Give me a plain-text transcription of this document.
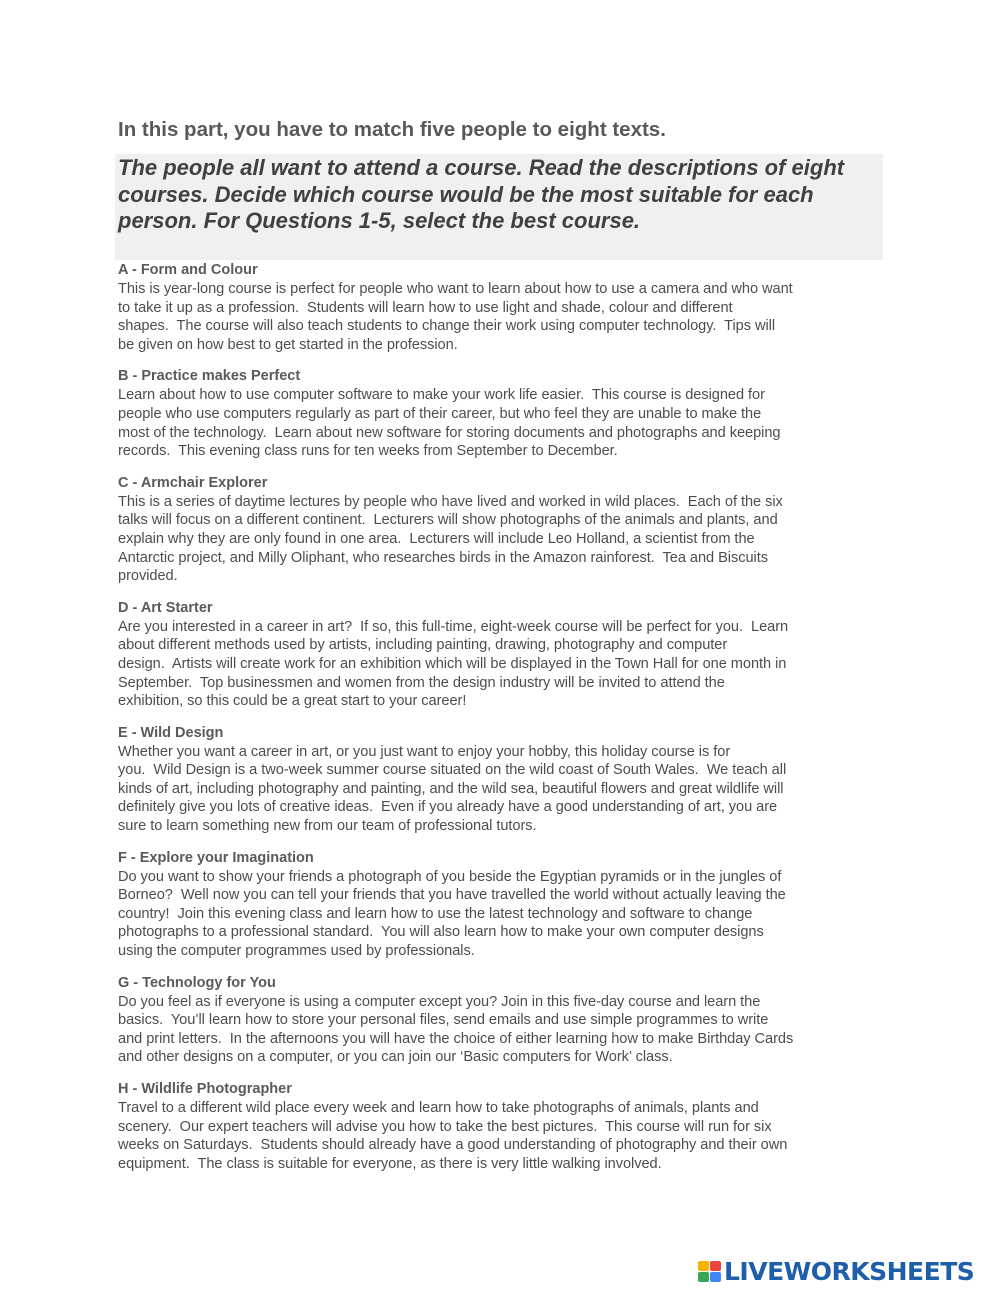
In this part, you have to match five people to eight texts.

The people all want to attend a course. Read the descriptions of eight courses. Decide which course would be the most suitable for each person. For Questions 1-5, select the best course.

A - Form and Colour

This is year-long course is perfect for people who want to learn about how to use a camera and who want
to take it up as a profession.  Students will learn how to use light and shade, colour and different
shapes.  The course will also teach students to change their work using computer technology.  Tips will
be given on how best to get started in the profession.

B - Practice makes Perfect

Learn about how to use computer software to make your work life easier.  This course is designed for
people who use computers regularly as part of their career, but who feel they are unable to make the
most of the technology.  Learn about new software for storing documents and photographs and keeping
records.  This evening class runs for ten weeks from September to December.

C - Armchair Explorer

This is a series of daytime lectures by people who have lived and worked in wild places.  Each of the six
talks will focus on a different continent.  Lecturers will show photographs of the animals and plants, and
explain why they are only found in one area.  Lecturers will include Leo Holland, a scientist from the
Antarctic project, and Milly Oliphant, who researches birds in the Amazon rainforest.  Tea and Biscuits
provided.

D - Art Starter

Are you interested in a career in art?  If so, this full-time, eight-week course will be perfect for you.  Learn
about different methods used by artists, including painting, drawing, photography and computer
design.  Artists will create work for an exhibition which will be displayed in the Town Hall for one month in
September.  Top businessmen and women from the design industry will be invited to attend the
exhibition, so this could be a great start to your career!

E - Wild Design

Whether you want a career in art, or you just want to enjoy your hobby, this holiday course is for
you.  Wild Design is a two-week summer course situated on the wild coast of South Wales.  We teach all
kinds of art, including photography and painting, and the wild sea, beautiful flowers and great wildlife will
definitely give you lots of creative ideas.  Even if you already have a good understanding of art, you are
sure to learn something new from our team of professional tutors.

F - Explore your Imagination

Do you want to show your friends a photograph of you beside the Egyptian pyramids or in the jungles of
Borneo?  Well now you can tell your friends that you have travelled the world without actually leaving the
country!  Join this evening class and learn how to use the latest technology and software to change
photographs to a professional standard.  You will also learn how to make your own computer designs
using the computer programmes used by professionals.

G - Technology for You

Do you feel as if everyone is using a computer except you? Join in this five-day course and learn the
basics.  You’ll learn how to store your personal files, send emails and use simple programmes to write
and print letters.  In the afternoons you will have the choice of either learning how to make Birthday Cards
and other designs on a computer, or you can join our ‘Basic computers for Work’ class.

H - Wildlife Photographer

Travel to a different wild place every week and learn how to take photographs of animals, plants and
scenery.  Our expert teachers will advise you how to take the best pictures.  This course will run for six
weeks on Saturdays.  Students should already have a good understanding of photography and their own
equipment.  The class is suitable for everyone, as there is very little walking involved.
LIVEWORKSHEETS
